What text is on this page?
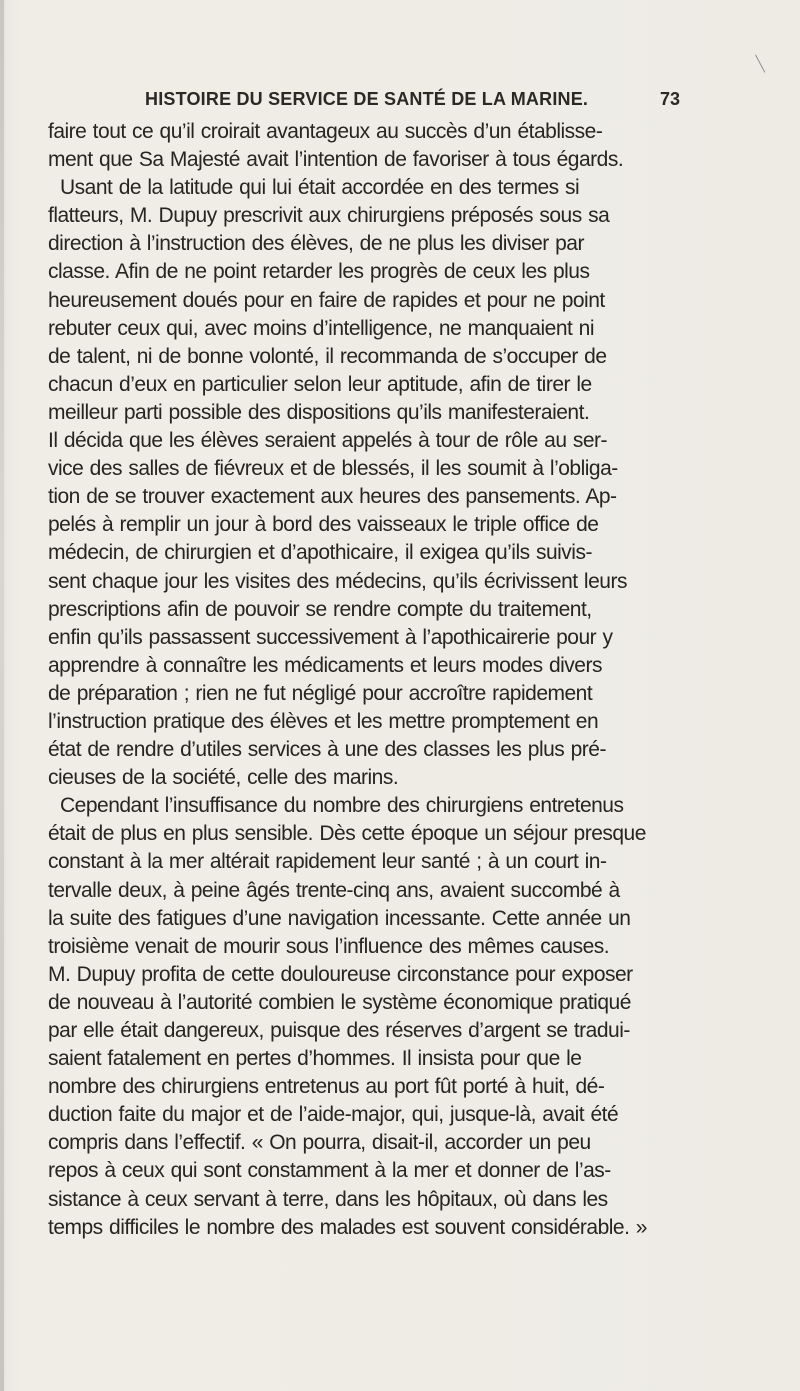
HISTOIRE DU SERVICE DE SANTÉ DE LA MARINE.	73
faire tout ce qu’il croirait avantageux au succès d’un établisse-
ment que Sa Majesté avait l’intention de favoriser à tous égards.
Usant de la latitude qui lui était accordée en des termes si
flatteurs, M. Dupuy prescrivit aux chirurgiens préposés sous sa
direction à l’instruction des élèves, de ne plus les diviser par
classe. Afin de ne point retarder les progrès de ceux les plus
heureusement doués pour en faire de rapides et pour ne point
rebuter ceux qui, avec moins d’intelligence, ne manquaient ni
de talent, ni de bonne volonté, il recommanda de s’occuper de
chacun d’eux en particulier selon leur aptitude, afin de tirer le
meilleur parti possible des dispositions qu’ils manifesteraient.
Il décida que les élèves seraient appelés à tour de rôle au ser-
vice des salles de fiévreux et de blessés, il les soumit à l’obliga-
tion de se trouver exactement aux heures des pansements. Ap-
pelés à remplir un jour à bord des vaisseaux le triple office de
médecin, de chirurgien et d’apothicaire, il exigea qu’ils suivis-
sent chaque jour les visites des médecins, qu’ils écrivissent leurs
prescriptions afin de pouvoir se rendre compte du traitement,
enfin qu’ils passassent successivement à l’apothicairerie pour y
apprendre à connaître les médicaments et leurs modes divers
de préparation ; rien ne fut négligé pour accroître rapidement
l’instruction pratique des élèves et les mettre promptement en
état de rendre d’utiles services à une des classes les plus pré-
cieuses de la société, celle des marins.
Cependant l’insuffisance du nombre des chirurgiens entretenus
était de plus en plus sensible. Dès cette époque un séjour presque
constant à la mer altérait rapidement leur santé ; à un court in-
tervalle deux, à peine âgés trente-cinq ans, avaient succombé à
la suite des fatigues d’une navigation incessante. Cette année un
troisième venait de mourir sous l’influence des mêmes causes.
M. Dupuy profita de cette douloureuse circonstance pour exposer
de nouveau à l’autorité combien le système économique pratiqué
par elle était dangereux, puisque des réserves d’argent se tradui-
saient fatalement en pertes d’hommes. Il insista pour que le
nombre des chirurgiens entretenus au port fût porté à huit, dé-
duction faite du major et de l’aide-major, qui, jusque-là, avait été
compris dans l’effectif. « On pourra, disait-il, accorder un peu
repos à ceux qui sont constamment à la mer et donner de l’as-
sistance à ceux servant à terre, dans les hôpitaux, où dans les
temps difficiles le nombre des malades est souvent considérable. »
